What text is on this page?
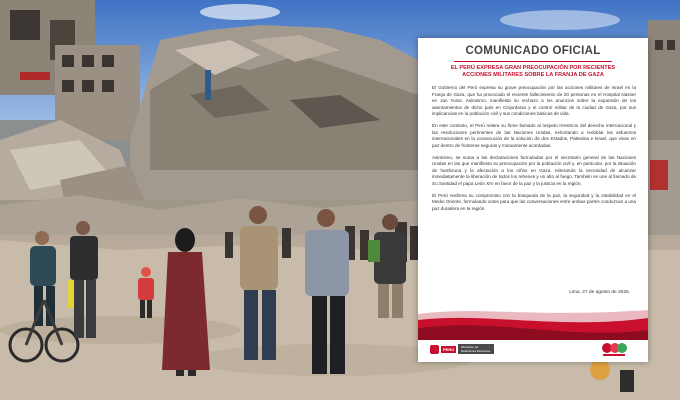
COMUNICADO OFICIAL
EL PERÚ EXPRESA GRAN PREOCUPACIÓN POR RECIENTES ACCIONES MILITARES SOBRE LA FRANJA DE GAZA

El Gobierno del Perú expresa su grave preocupación por las acciones militares de Israel en la Franja de Gaza, que ha provocado el reciente fallecimiento de 20 personas en el Hospital Nasser en Jan Yunis. Asimismo, manifiesta su rechazo a los anuncios sobre la expansión de los asentamientos de dicho país en Cisjordania y el control militar de la ciudad de Gaza, por sus implicancias en la población civil y sus condiciones básicas de vida.

En este contexto, el Perú reitera su firme llamado al respeto irrestricto del derecho internacional y las resoluciones pertinentes de las Naciones Unidas, exhortando a redoblar los esfuerzos internacionales en la consecución de la solución de dos Estados, Palestina e Israel, que vivan en paz dentro de fronteras seguras y mutuamente acordadas.

Asimismo, se suma a las declaraciones formuladas por el secretario general de las Naciones Unidas en las que manifiesta su preocupación por la población civil y, en particular, por la situación de hambruna y la afectación a los niños en Gaza, reiterando la necesidad de alcanzar inmediatamente la liberación de todos los rehenes y un alto al fuego. También se une al llamado de Su Santidad el papa León XIV en favor de la paz y la justicia en la región.

El Perú reafirma su compromiso con la búsqueda de la paz, la seguridad y la estabilidad en el Medio Oriente, formulando votos para que las conversaciones entre ambas partes conduzcan a una paz duradera en la región.

Lima, 27 de agosto de 2025.
PERÚ	Ministerio de Relaciones Exteriores
